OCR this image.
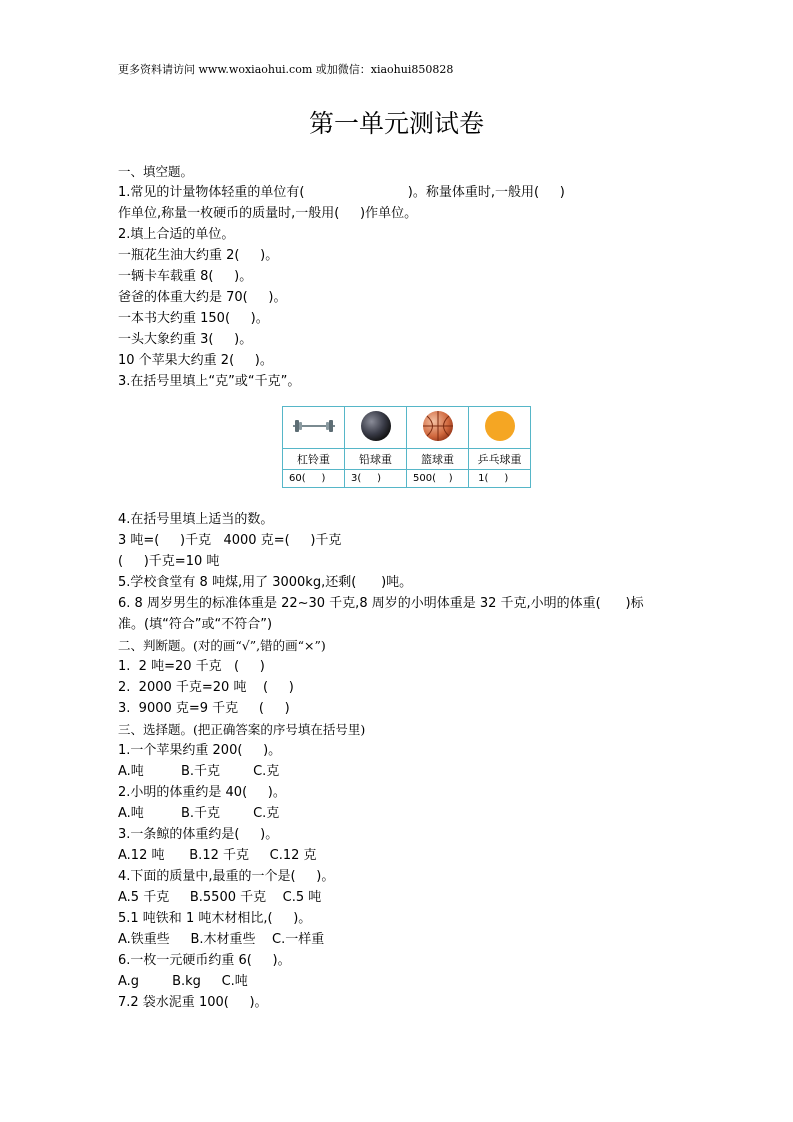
更多资料请访问 www.woxiaohui.com 或加微信：xiaohui850828
第一单元测试卷
一、填空题。
1.常见的计量物体轻重的单位有(                         )。称量体重时,一般用(     )
作单位,称量一枚硬币的质量时,一般用(     )作单位。
2.填上合适的单位。
一瓶花生油大约重 2(     )。
一辆卡车载重 8(     )。
爸爸的体重大约是 70(     )。
一本书大约重 150(     )。
一头大象约重 3(     )。
10 个苹果大约重 2(     )。
3.在括号里填上“克”或“千克”。

杠铃重	铅球重	篮球重	乒乓球重
60(     )	3(     )	500(    )	1(     )
4.在括号里填上适当的数。
3 吨=(     )千克   4000 克=(     )千克
(     )千克=10 吨
5.学校食堂有 8 吨煤,用了 3000kg,还剩(      )吨。
6. 8 周岁男生的标准体重是 22~30 千克,8 周岁的小明体重是 32 千克,小明的体重(      )标
准。(填“符合”或“不符合”)
二、判断题。(对的画“√”,错的画“×”)
1.  2 吨=20 千克   (     )
2.  2000 千克=20 吨    (     )
3.  9000 克=9 千克     (     )
三、选择题。(把正确答案的序号填在括号里)
1.一个苹果约重 200(     )。
A.吨         B.千克        C.克
2.小明的体重约是 40(     )。
A.吨         B.千克        C.克
3.一条鲸的体重约是(     )。
A.12 吨      B.12 千克     C.12 克
4.下面的质量中,最重的一个是(     )。
A.5 千克     B.5500 千克    C.5 吨
5.1 吨铁和 1 吨木材相比,(     )。
A.铁重些     B.木材重些    C.一样重
6.一枚一元硬币约重 6(     )。
A.g        B.kg     C.吨
7.2 袋水泥重 100(     )。
